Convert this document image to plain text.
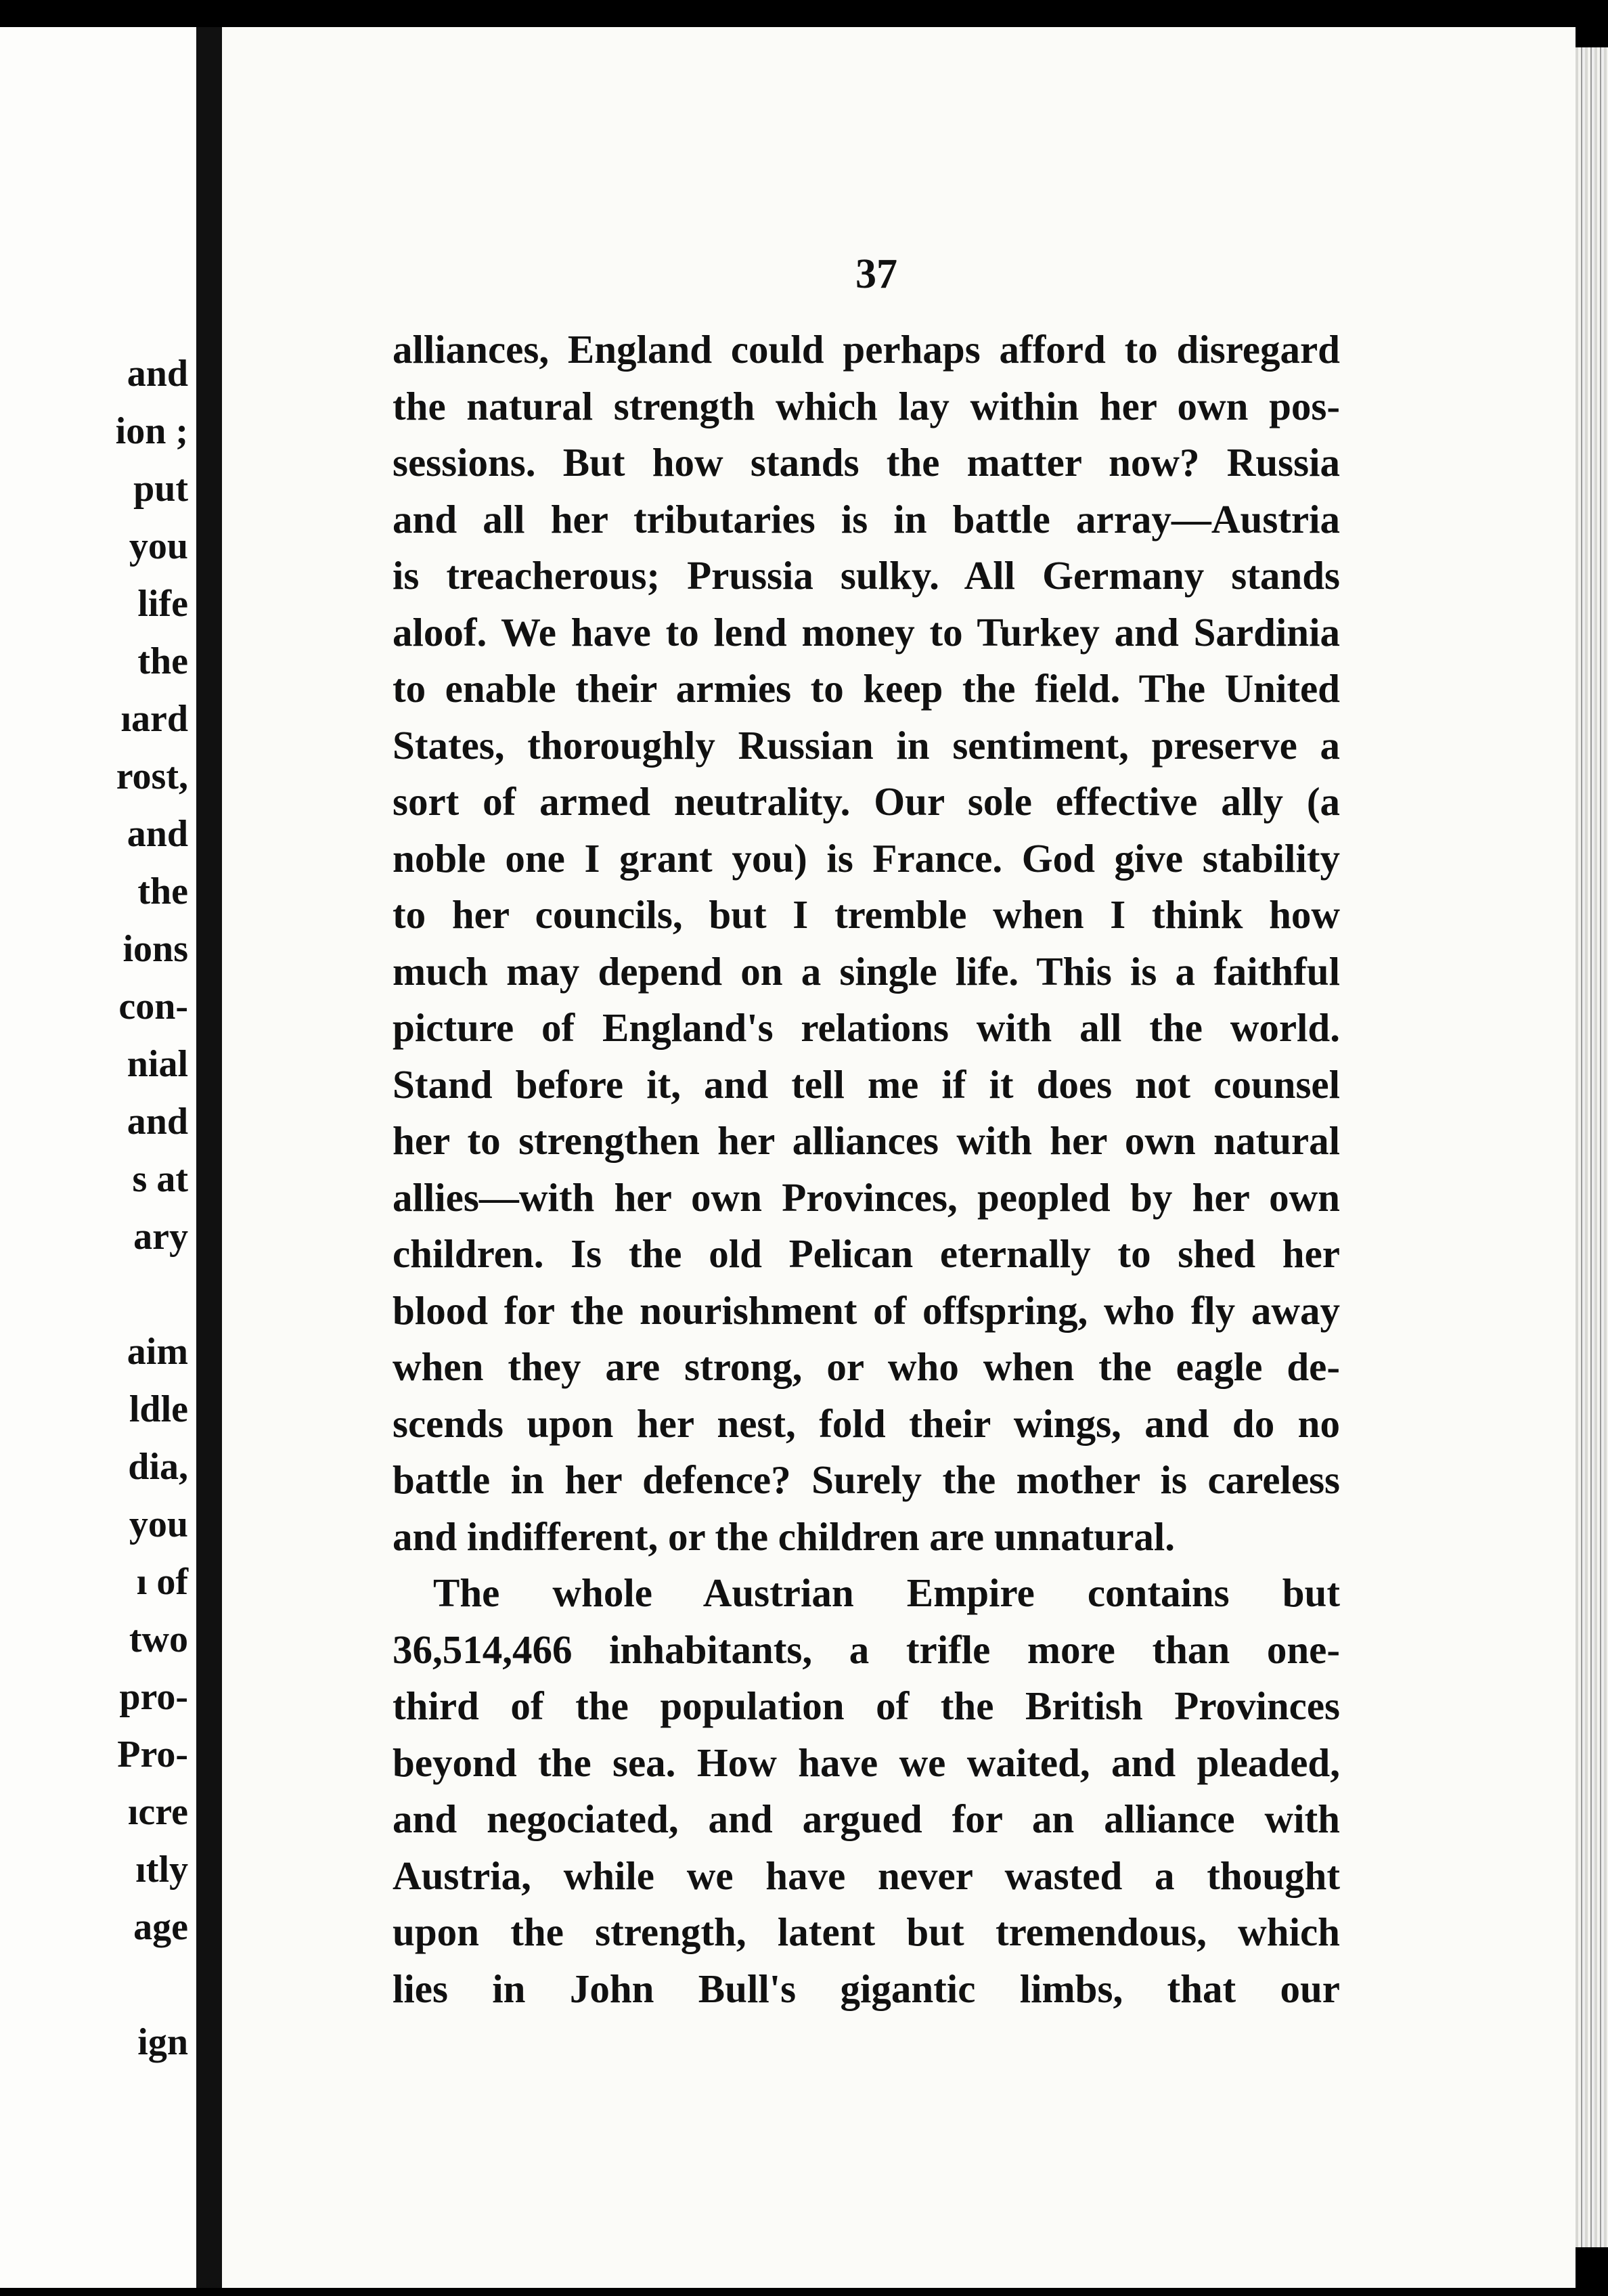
and
ion ;
put
you
life
the
ıard
rost,
and
the
ions
con-
nial
and
s at
ary
aim
ldle
dia,
you
ı of
two
pro-
Pro-
ıcre
ıtly
age
ign
37
alliances, England could perhaps afford to disregard
the natural strength which lay within her own pos-
sessions. But how stands the matter now? Russia
and all her tributaries is in battle array—Austria
is treacherous; Prussia sulky. All Germany stands
aloof. We have to lend money to Turkey and Sardinia
to enable their armies to keep the field. The United
States, thoroughly Russian in sentiment, preserve a
sort of armed neutrality. Our sole effective ally (a
noble one I grant you) is France. God give stability
to her councils, but I tremble when I think how
much may depend on a single life. This is a faithful
picture of England's relations with all the world.
Stand before it, and tell me if it does not counsel
her to strengthen her alliances with her own natural
allies—with her own Provinces, peopled by her own
children. Is the old Pelican eternally to shed her
blood for the nourishment of offspring, who fly away
when they are strong, or who when the eagle de-
scends upon her nest, fold their wings, and do no
battle in her defence? Surely the mother is careless
and indifferent, or the children are unnatural.
The whole Austrian Empire contains but
36,514,466 inhabitants, a trifle more than one-
third of the population of the British Provinces
beyond the sea. How have we waited, and pleaded,
and negociated, and argued for an alliance with
Austria, while we have never wasted a thought
upon the strength, latent but tremendous, which
lies in John Bull's gigantic limbs, that our
